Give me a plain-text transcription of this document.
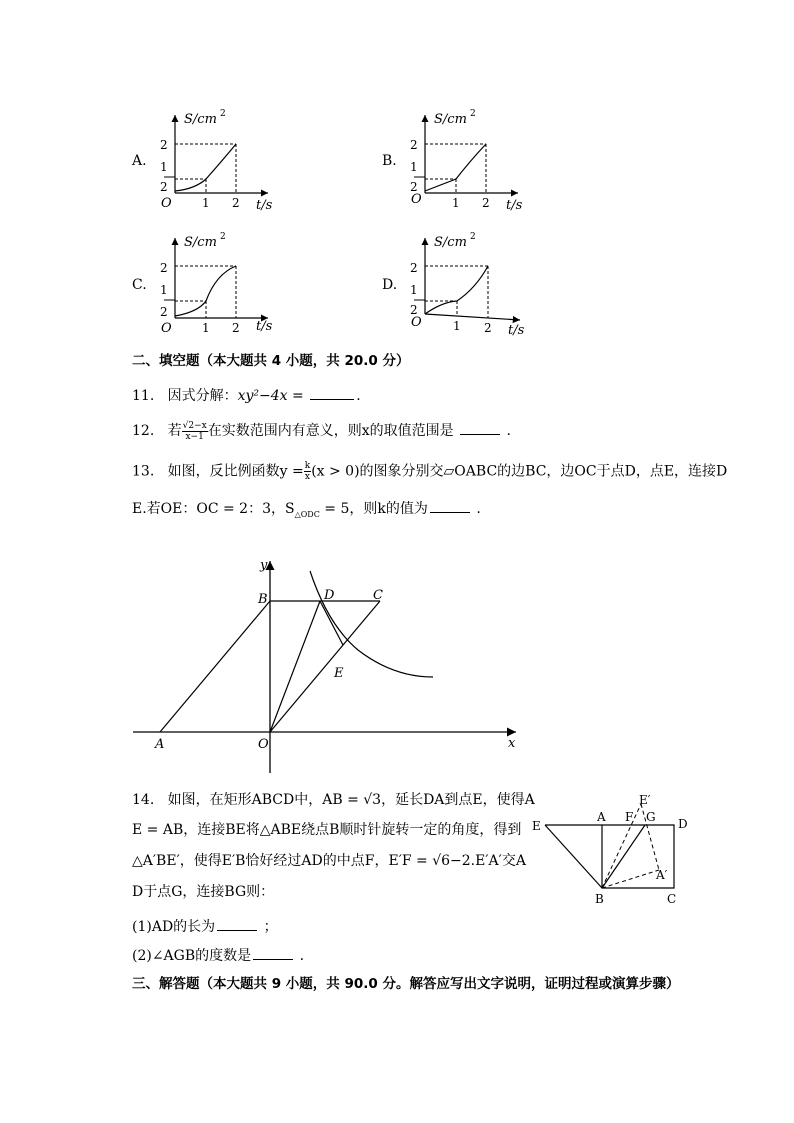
A.
S/cm 2
t/s
O
2
1
2
1 2
B.
S/cm 2
t/s
O
2
1
2
1 2
C.
S/cm 2
t/s
O
2
1
2
1 2
D.
S/cm 2
t/s
O
2
1
2
1 2
二、填空题（本大题共 4 小题，共 20.0 分）
11. 因式分解：xy²−4x =	.
12. 若 $\frac{√2-x}{x-1}$ 在实数范围内有意义，则x的取值范围是	.
13. 如图，反比例函数$y = \frac{k}{x} (x > 0)$的图象分别交▱OABC的边BC，边OC于点D，点E，连接D
E.若OE：OC = 2：3，$S_{\triangle ODC} = 5$，则k的值为	.
y
x
B	D	C
E
A	O
14. 如图，在矩形ABCD中，AB = √3，延长DA到点E，使得A
E = AB，连接BE将△ABE绕点B顺时针旋转一定的角度，得到
△A′BE′，使得E′B恰好经过AD的中点F，E′F = √6−2.E′A′交A
D于点G，连接BG则：
(1)AD的长为	；
(2)∠AGB的度数是	.
E′
A F G D
E
A′
B	C
三、解答题（本大题共 9 小题，共 90.0 分。解答应写出文字说明，证明过程或演算步骤）
